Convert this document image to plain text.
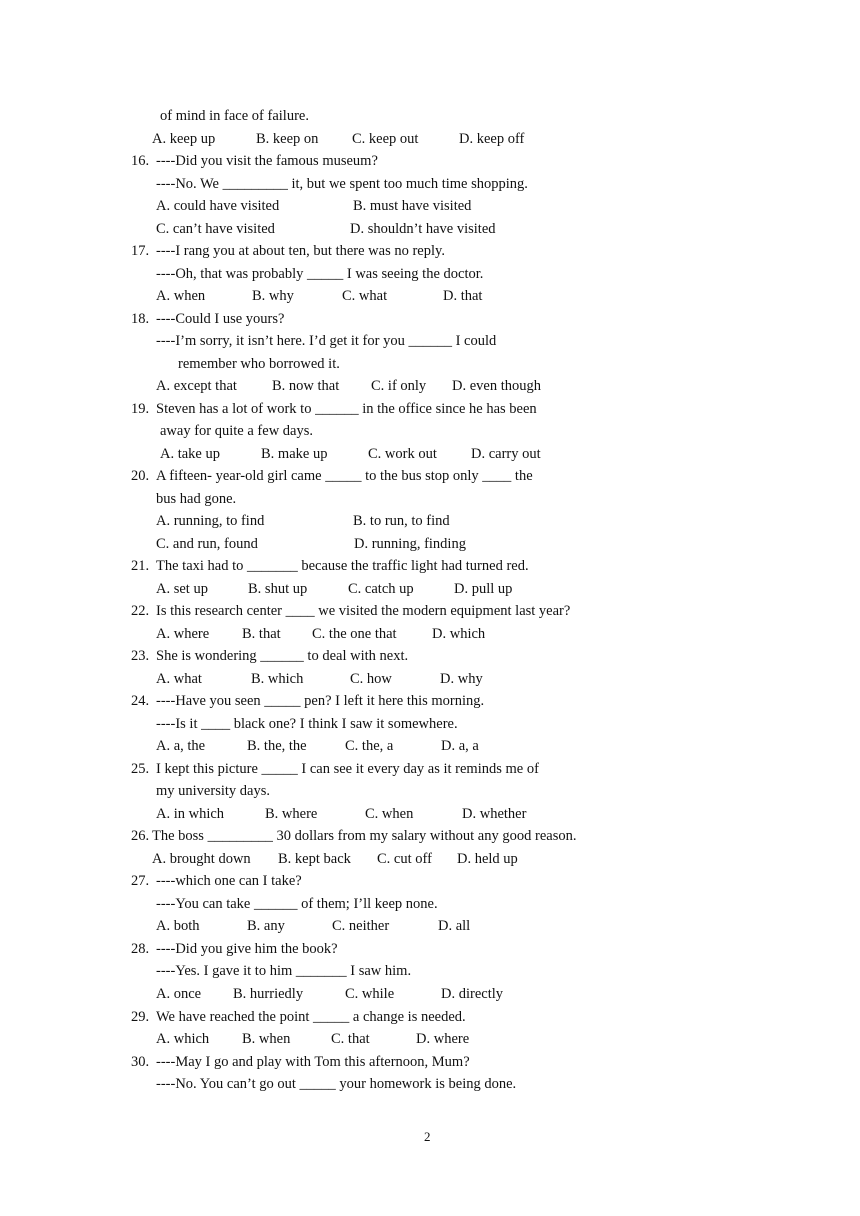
of mind in face of failure.
A. keep up	B. keep on C. keep out	D. keep off
16. ----Did you visit the famous museum?
----No. We _________ it, but we spent too much time shopping.
A. could have visited	B. must have visited
C. can’t have visited	D. shouldn’t have visited
17. ----I rang you at about ten, but there was no reply.
----Oh, that was probably _____ I was seeing the doctor.
A. when	B. why	C. what	D. that
18. ----Could I use yours?
----I’m sorry, it isn’t here. I’d get it for you ______ I could
remember who borrowed it.
A. except that B. now that C. if only D. even though
19. Steven has a lot of work to ______ in the office since he has been
away for quite a few days.
A. take up	B. make up	C. work out D. carry out
20. A fifteen- year-old girl came _____ to the bus stop only ____ the
bus had gone.
A. running, to find	B. to run, to find
C. and run, found	D. running, finding
21. The taxi had to _______ because the traffic light had turned red.
A. set up	B. shut up	C. catch up	D. pull up
22. Is this research center ____ we visited the modern equipment last year?
A. where B. that C. the one that D. which
23. She is wondering ______ to deal with next.
A. what	B. which	C. how	D. why
24. ----Have you seen _____ pen? I left it here this morning.
----Is it ____ black one? I think I saw it somewhere.
A. a, the	B. the, the	C. the, a	D. a, a
25. I kept this picture _____ I can see it every day as it reminds me of
my university days.
A. in which	B. where	C. when	D. whether
26. The boss _________ 30 dollars from my salary without any good reason.
A. brought down B. kept back C. cut off D. held up
27. ----which one can I take?
----You can take ______ of them; I’ll keep none.
A. both	B. any	C. neither	D. all
28. ----Did you give him the book?
----Yes. I gave it to him _______ I saw him.
A. once B. hurriedly	C. while	D. directly
29. We have reached the point _____ a change is needed.
A. which B. when	C. that	D. where
30. ----May I go and play with Tom this afternoon, Mum?
----No. You can’t go out _____ your homework is being done.
2
